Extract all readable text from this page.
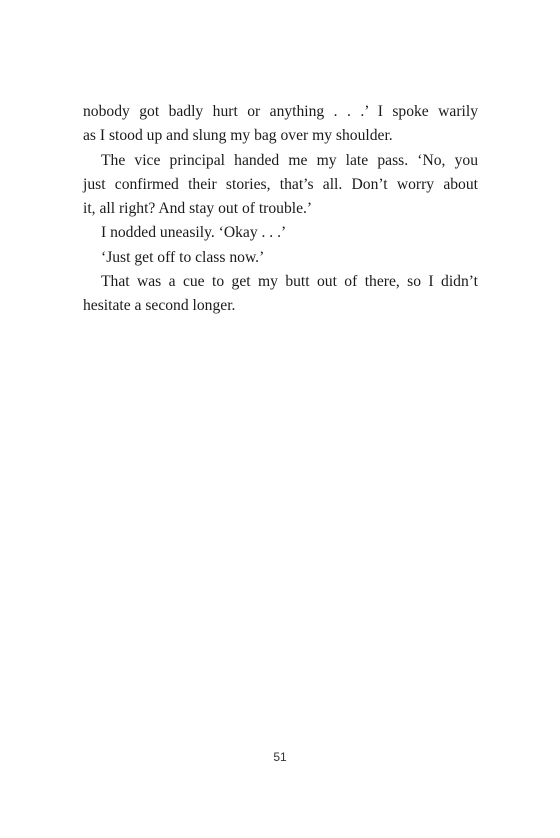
nobody got badly hurt or anything . . .’ I spoke warily
as I stood up and slung my bag over my shoulder.
The vice principal handed me my late pass. ‘No, you
just confirmed their stories, that’s all. Don’t worry about
it, all right? And stay out of trouble.’
I nodded uneasily. ‘Okay . . .’
‘Just get off to class now.’
That was a cue to get my butt out of there, so I didn’t
hesitate a second longer.
51
